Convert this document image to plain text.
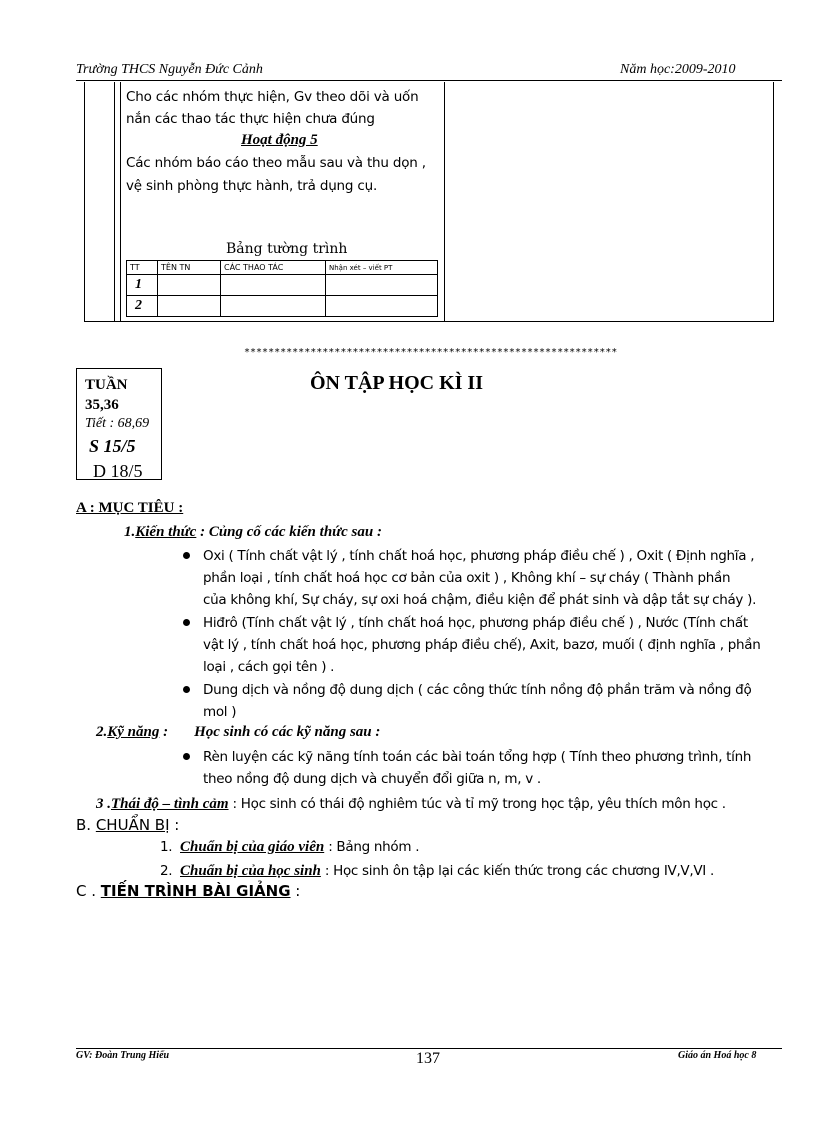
Trường THCS Nguyễn Đức Cảnh	Năm học:2009-2010
Cho các nhóm thực hiện, Gv theo dõi và uốn
nắn các thao tác thực hiện chưa đúng
Hoạt động 5
Các nhóm báo cáo theo mẫu sau và thu dọn ,
vệ sinh phòng thực hành, trả dụng cụ.
Bảng tường trình
TT	TÊN TN	CÁC THAO TÁC	Nhận xét – viết PT
1			
2			
**************************************************************
TUẦN 35,36
Tiết : 68,69
S 15/5
D 18/5
ÔN TẬP HỌC KÌ II
A : MỤC TIÊU :
1.Kiến thức : Củng cố các kiến thức sau :
Oxi ( Tính chất vật lý , tính chất hoá học, phương pháp điều chế ) , Oxit ( Định nghĩa ,
phần loại , tính chất hoá học cơ bản của oxit ) , Không khí – sự cháy ( Thành phần
của không khí, Sự cháy, sự oxi hoá chậm, điều kiện để phát sinh và dập tắt sự cháy ).
Hiđrô (Tính chất vật lý , tính chất hoá học, phương pháp điều chế ) , Nước (Tính chất
vật lý , tính chất hoá học, phương pháp điều chế), Axit, bazơ, muối ( định nghĩa , phần
loại , cách gọi tên ) .
Dung dịch và nồng độ dung dịch ( các công thức tính nồng độ phần trăm và nồng độ
mol )
2.Kỹ năng : Học sinh có các kỹ năng sau :
Rèn luyện các kỹ năng tính toán các bài toán tổng hợp ( Tính theo phương trình, tính
theo nồng độ dung dịch và chuyển đổi giữa n, m, v .
3 .Thái độ – tình cảm : Học sinh có thái độ nghiêm túc và tỉ mỹ trong học tập, yêu thích môn học .
B. CHUẨN BỊ :
1. Chuẩn bị của giáo viên : Bảng nhóm .
2. Chuẩn bị của học sinh : Học sinh ôn tập lại các kiến thức trong các chương IV,V,VI .
C . TIẾN TRÌNH BÀI GIẢNG :
GV: Đoàn Trung Hiếu	137	Giáo án Hoá học 8
